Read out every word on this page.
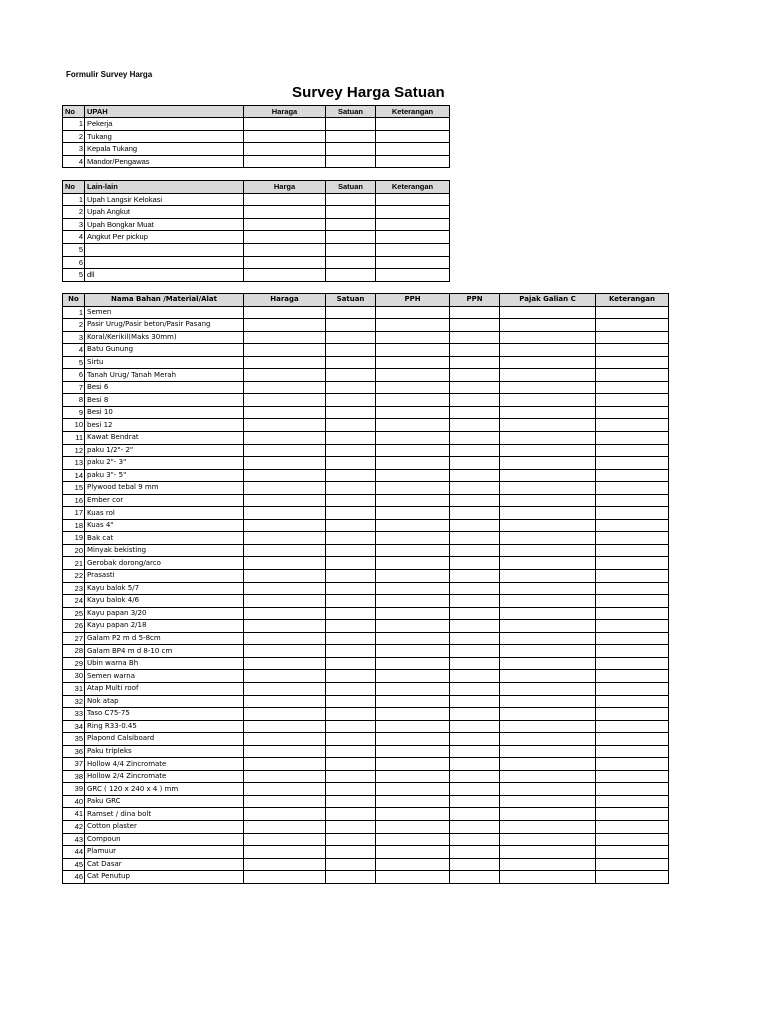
Formulir Survey Harga
Survey Harga Satuan
No	UPAH	Haraga	Satuan	Keterangan
1	Pekerja			
2	Tukang			
3	Kepala Tukang			
4	Mandor/Pengawas			
No	Lain-lain	Harga	Satuan	Keterangan
1	Upah Langsir Kelokasi			
2	Upah Angkut			
3	Upah Bongkar Muat			
4	Angkut Per pickup			
5				
6				
5	dll			
No	Nama Bahan /Material/Alat	Haraga	Satuan	PPH	PPN	Pajak Galian C	Keterangan
1	Semen						
2	Pasir Urug/Pasir beton/Pasir Pasang						
3	Koral/Kerikil(Maks 30mm)						
4	Batu Gunung						
5	Sirtu						
6	Tanah Urug/ Tanah Merah						
7	Besi 6						
8	Besi 8						
9	Besi 10						
10	besi 12						
11	Kawat Bendrat						
12	paku 1/2"- 2"						
13	paku 2"- 3"						
14	paku 3"- 5"						
15	Plywood tebal 9 mm						
16	Ember cor						
17	Kuas rol						
18	Kuas 4"						
19	Bak cat						
20	Minyak bekisting						
21	Gerobak dorong/arco						
22	Prasasti						
23	Kayu balok 5/7						
24	Kayu balok 4/6						
25	Kayu papan 3/20						
26	Kayu papan 2/18						
27	Galam P2 m d 5-8cm						
28	Galam BP4 m d 8-10 cm						
29	Ubin warna Bh						
30	Semen warna						
31	Atap Multi roof						
32	Nok atap						
33	Taso C75-75						
34	Ring R33-0.45						
35	Plapond Calsiboard						
36	Paku tripleks						
37	Hollow 4/4 Zincromate						
38	Hollow 2/4 Zincromate						
39	GRC ( 120 x 240 x 4 ) mm						
40	Paku GRC						
41	Ramset / dina bolt						
42	Cotton plaster						
43	Compoun						
44	Plamuur						
45	Cat Dasar						
46	Cat Penutup						
